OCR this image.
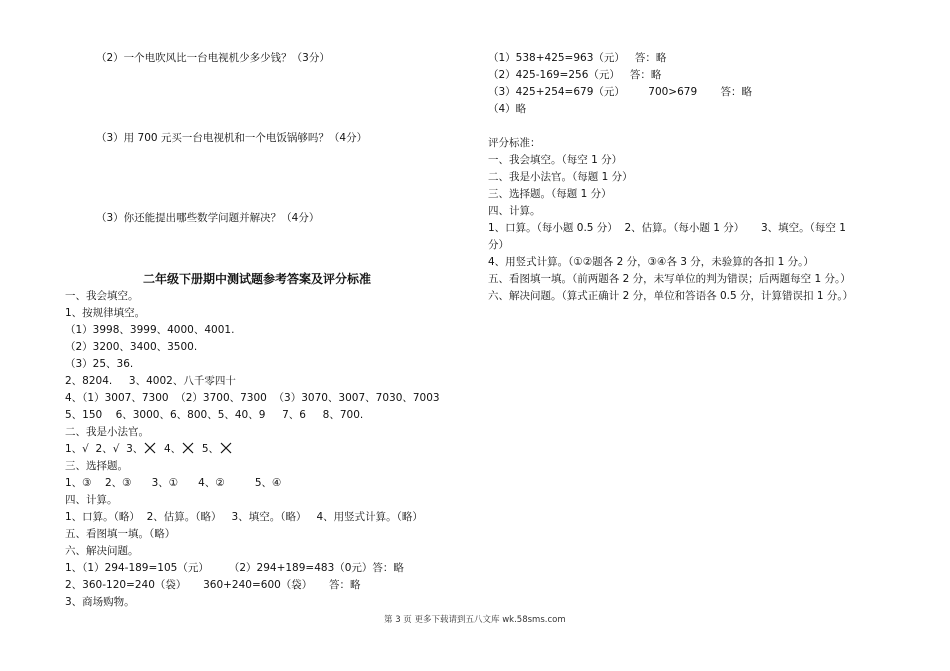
（2）一个电吹风比一台电视机少多少钱？（3分）
（3）用 700 元买一台电视机和一个电饭锅够吗？（4分）
（3）你还能提出哪些数学问题并解决？（4分）
二年级下册期中测试题参考答案及评分标准
一、我会填空。
1、按规律填空。
（1）3998、3999、4000、4001.
（2）3200、3400、3500.
（3）25、36.
2、8204.     3、4002、八千零四十
4、（1）3007、7300  （2）3700、7300  （3）3070、3007、7030、7003
5、150    6、3000、6、800、5、40、9     7、6     8、700.
二、我是小法官。
1、√  2、√  3、  4、  5、
三、选择题。
1、③    2、③      3、①      4、②         5、④
四、计算。
1、口算。（略）  2、估算。（略）   3、填空。（略）   4、用竖式计算。（略）
五、看图填一填。（略）
六、解决问题。
1、（1）294-189=105（元）      （2）294+189=483（0元）答：略
2、360-120=240（袋）     360+240=600（袋）     答：略
3、商场购物。
（1）538+425=963（元）   答：略
（2）425-169=256（元）   答：略
（3）425+254=679（元）       700>679       答：略
（4）略
评分标准：
一、我会填空。（每空 1 分）
二、我是小法官。（每题 1 分）
三、选择题。（每题 1 分）
四、计算。
1、口算。（每小题 0.5 分）  2、估算。（每小题 1 分）     3、填空。（每空 1
分）
4、用竖式计算。（①②题各 2 分，③④各 3 分，未验算的各扣 1 分。）
五、看图填一填。（前两题各 2 分，未写单位的判为错误；后两题每空 1 分。）
六、解决问题。（算式正确计 2 分，单位和答语各 0.5 分，计算错误扣 1 分。）
第 3 页 更多下载请到五八文库 wk.58sms.com
